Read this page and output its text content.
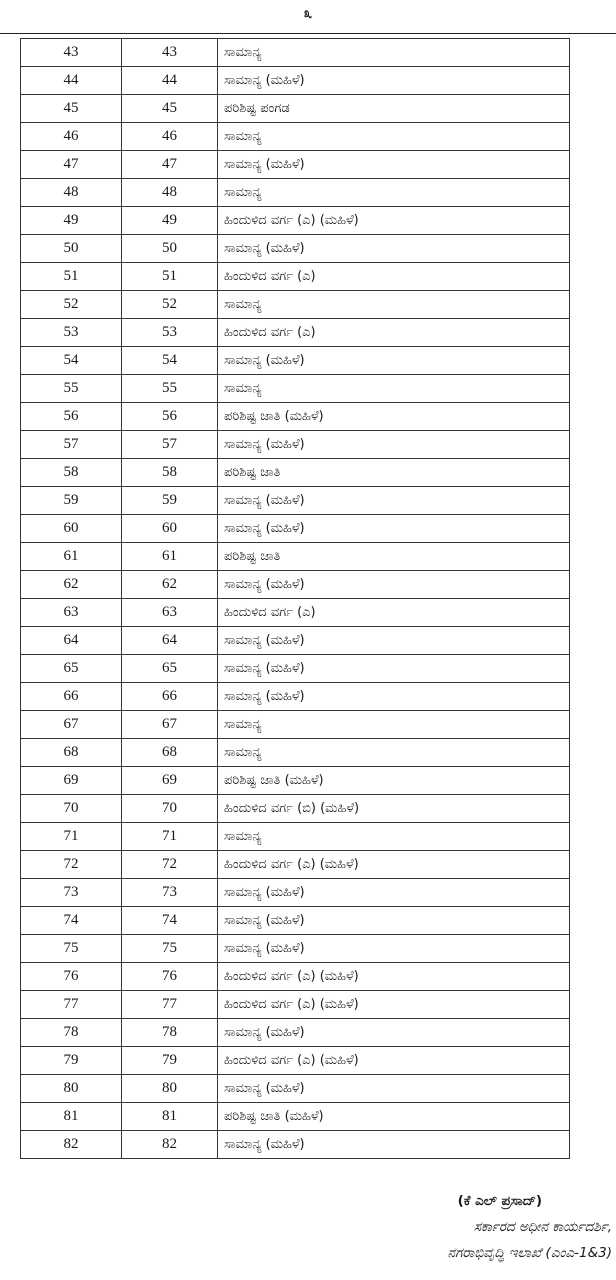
೩
43	43	ಸಾಮಾನ್ಯ
44	44	ಸಾಮಾನ್ಯ (ಮಹಿಳೆ)
45	45	ಪರಿಶಿಷ್ಟ ಪಂಗಡ
46	46	ಸಾಮಾನ್ಯ
47	47	ಸಾಮಾನ್ಯ (ಮಹಿಳೆ)
48	48	ಸಾಮಾನ್ಯ
49	49	ಹಿಂದುಳಿದ ವರ್ಗ (ಎ) (ಮಹಿಳೆ)
50	50	ಸಾಮಾನ್ಯ (ಮಹಿಳೆ)
51	51	ಹಿಂದುಳಿದ ವರ್ಗ (ಎ)
52	52	ಸಾಮಾನ್ಯ
53	53	ಹಿಂದುಳಿದ ವರ್ಗ (ಎ)
54	54	ಸಾಮಾನ್ಯ (ಮಹಿಳೆ)
55	55	ಸಾಮಾನ್ಯ
56	56	ಪರಿಶಿಷ್ಟ ಜಾತಿ (ಮಹಿಳೆ)
57	57	ಸಾಮಾನ್ಯ (ಮಹಿಳೆ)
58	58	ಪರಿಶಿಷ್ಟ ಜಾತಿ
59	59	ಸಾಮಾನ್ಯ (ಮಹಿಳೆ)
60	60	ಸಾಮಾನ್ಯ (ಮಹಿಳೆ)
61	61	ಪರಿಶಿಷ್ಟ ಜಾತಿ
62	62	ಸಾಮಾನ್ಯ (ಮಹಿಳೆ)
63	63	ಹಿಂದುಳಿದ ವರ್ಗ (ಎ)
64	64	ಸಾಮಾನ್ಯ (ಮಹಿಳೆ)
65	65	ಸಾಮಾನ್ಯ (ಮಹಿಳೆ)
66	66	ಸಾಮಾನ್ಯ (ಮಹಿಳೆ)
67	67	ಸಾಮಾನ್ಯ
68	68	ಸಾಮಾನ್ಯ
69	69	ಪರಿಶಿಷ್ಟ ಜಾತಿ (ಮಹಿಳೆ)
70	70	ಹಿಂದುಳಿದ ವರ್ಗ (ಬಿ) (ಮಹಿಳೆ)
71	71	ಸಾಮಾನ್ಯ
72	72	ಹಿಂದುಳಿದ ವರ್ಗ (ಎ) (ಮಹಿಳೆ)
73	73	ಸಾಮಾನ್ಯ (ಮಹಿಳೆ)
74	74	ಸಾಮಾನ್ಯ (ಮಹಿಳೆ)
75	75	ಸಾಮಾನ್ಯ (ಮಹಿಳೆ)
76	76	ಹಿಂದುಳಿದ ವರ್ಗ (ಎ) (ಮಹಿಳೆ)
77	77	ಹಿಂದುಳಿದ ವರ್ಗ (ಎ) (ಮಹಿಳೆ)
78	78	ಸಾಮಾನ್ಯ (ಮಹಿಳೆ)
79	79	ಹಿಂದುಳಿದ ವರ್ಗ (ಎ) (ಮಹಿಳೆ)
80	80	ಸಾಮಾನ್ಯ (ಮಹಿಳೆ)
81	81	ಪರಿಶಿಷ್ಟ ಜಾತಿ (ಮಹಿಳೆ)
82	82	ಸಾಮಾನ್ಯ (ಮಹಿಳೆ)
(ಕೆ ಎಲ್ ಪ್ರಸಾದ್)
ಸರ್ಕಾರದ ಅಧೀನ ಕಾರ್ಯದರ್ಶಿ,
ನಗರಾಭಿವೃದ್ಧಿ ಇಲಾಖೆ (ಎಂಎ-1&3)
